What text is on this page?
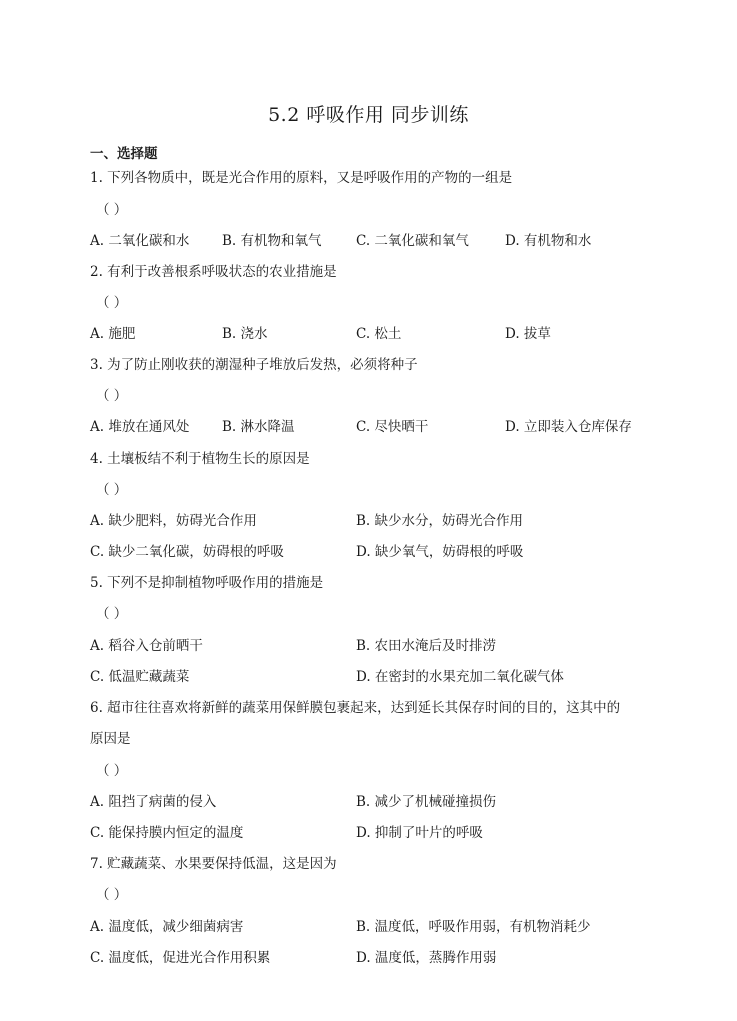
5.2 呼吸作用 同步训练
一、选择题
1. 下列各物质中，既是光合作用的原料，又是呼吸作用的产物的一组是
（ ）
A. 二氧化碳和水 B. 有机物和氧气	C. 二氧化碳和氧气	D. 有机物和水
2. 有利于改善根系呼吸状态的农业措施是
（ ）
A. 施肥	B. 浇水	C. 松土	D. 拔草
3. 为了防止刚收获的潮湿种子堆放后发热，必须将种子
（ ）
A. 堆放在通风处 B. 淋水降温	C. 尽快晒干	D. 立即装入仓库保存
4. 土壤板结不利于植物生长的原因是
（ ）
A. 缺少肥料，妨碍光合作用	B. 缺少水分，妨碍光合作用
C. 缺少二氧化碳，妨碍根的呼吸	D. 缺少氧气，妨碍根的呼吸
5. 下列不是抑制植物呼吸作用的措施是
（ ）
A. 稻谷入仓前晒干	B. 农田水淹后及时排涝
C. 低温贮藏蔬菜	D. 在密封的水果充加二氧化碳气体
6. 超市往往喜欢将新鲜的蔬菜用保鲜膜包裹起来，达到延长其保存时间的目的，这其中的
原因是
（ ）
A. 阻挡了病菌的侵入	B. 减少了机械碰撞损伤
C. 能保持膜内恒定的温度	D. 抑制了叶片的呼吸
7. 贮藏蔬菜、水果要保持低温，这是因为
（ ）
A. 温度低，减少细菌病害	B. 温度低，呼吸作用弱，有机物消耗少
C. 温度低，促进光合作用积累	D. 温度低，蒸腾作用弱
